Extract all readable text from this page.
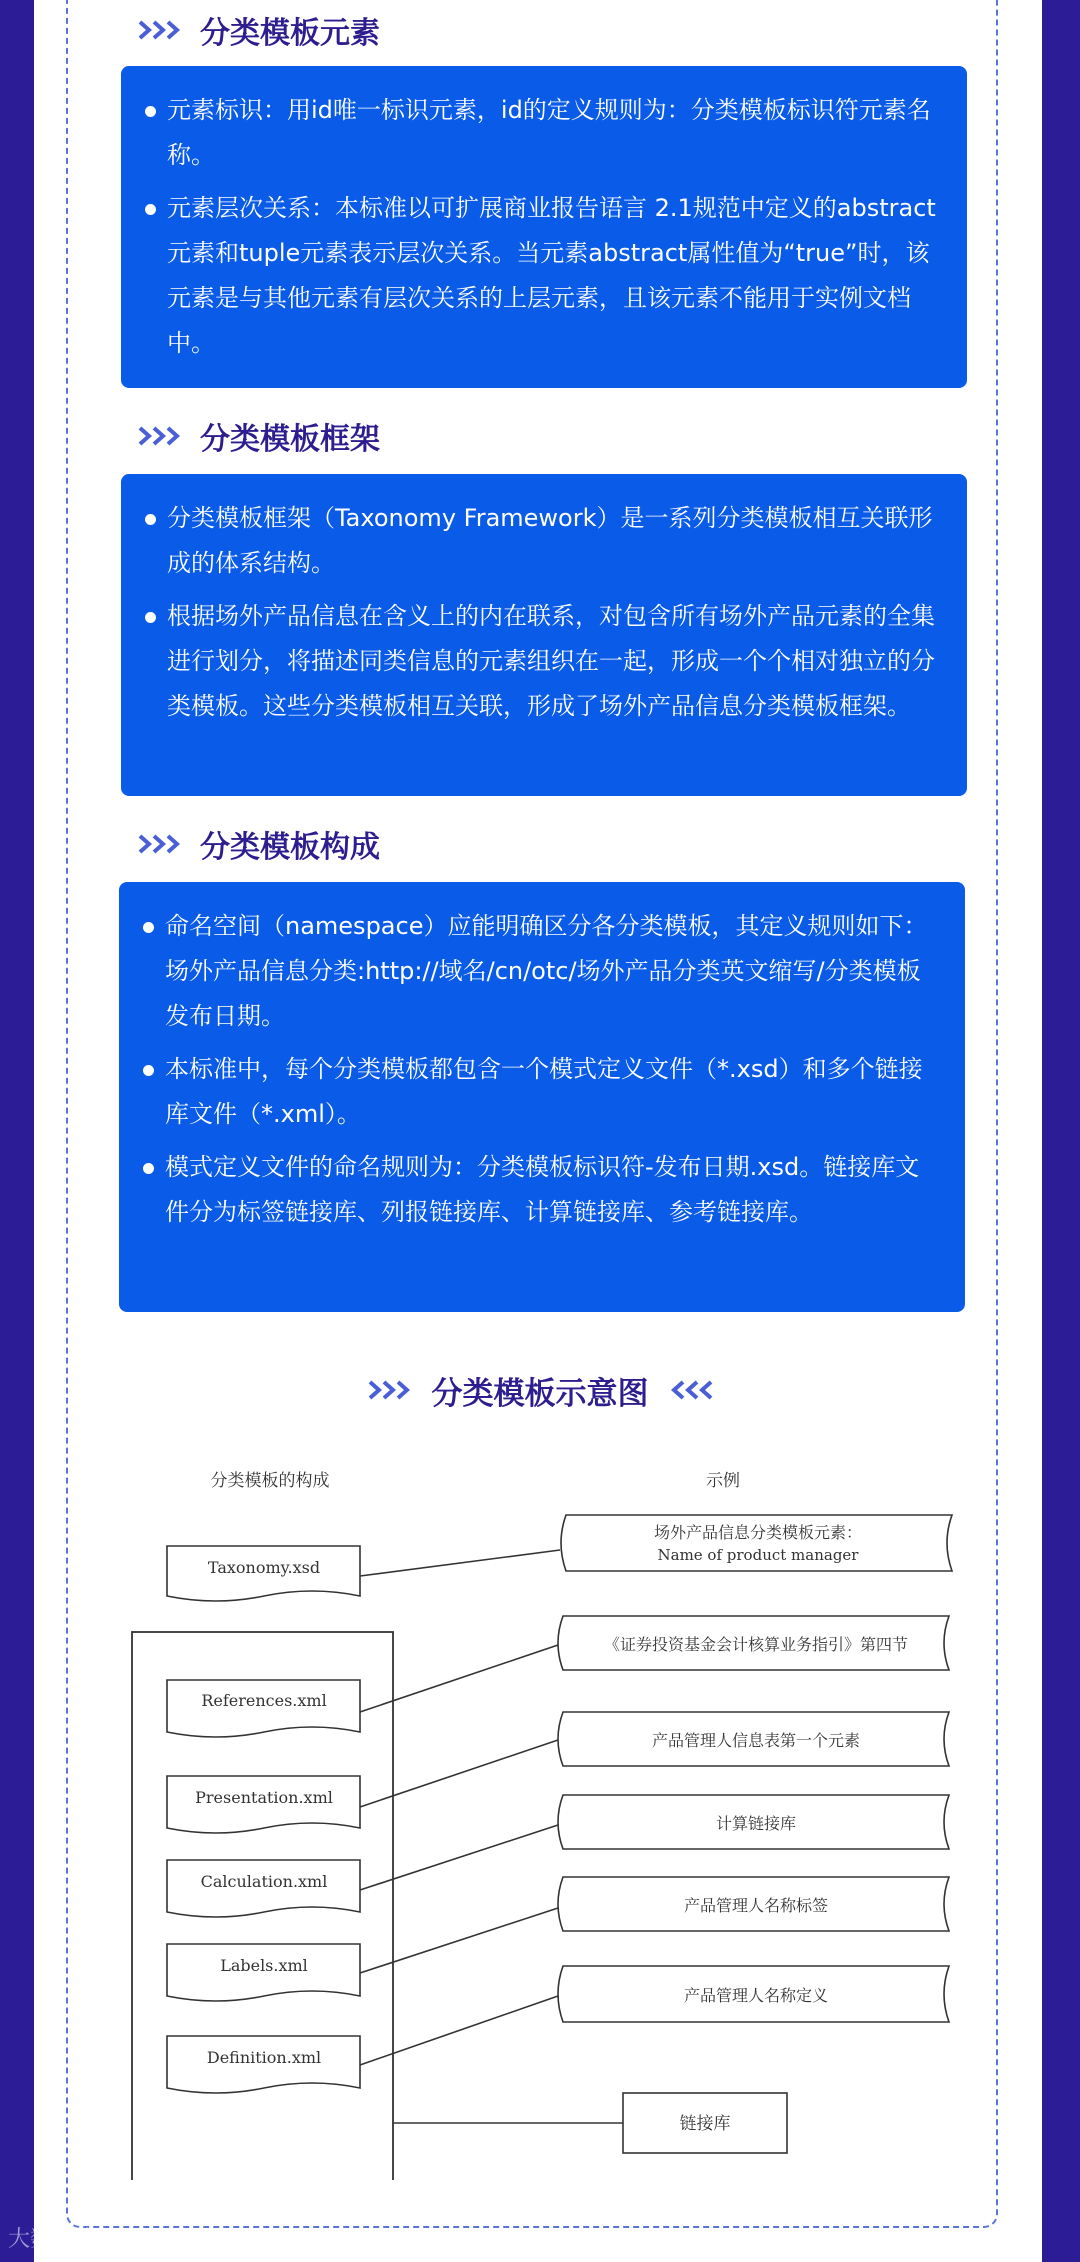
分类模板元素
元素标识：用id唯一标识元素，id的定义规则为：分类模板标识符元素名称。
元素层次关系：本标准以可扩展商业报告语言 2.1规范中定义的abstract元素和tuple元素表示层次关系。当元素abstract属性值为“true”时，该元素是与其他元素有层次关系的上层元素，且该元素不能用于实例文档中。
分类模板框架
分类模板框架（Taxonomy Framework）是一系列分类模板相互关联形成的体系结构。
根据场外产品信息在含义上的内在联系，对包含所有场外产品元素的全集进行划分，将描述同类信息的元素组织在一起，形成一个个相对独立的分类模板。这些分类模板相互关联，形成了场外产品信息分类模板框架。
分类模板构成
命名空间（namespace）应能明确区分各分类模板，其定义规则如下：场外产品信息分类:http://域名/cn/otc/场外产品分类英文缩写/分类模板发布日期。
本标准中，每个分类模板都包含一个模式定义文件（*.xsd）和多个链接库文件（*.xml）。
模式定义文件的命名规则为：分类模板标识符-发布日期.xsd。链接库文件分为标签链接库、列报链接库、计算链接库、参考链接库。
分类模板示意图
分类模板的构成	示例
Taxonomy.xsd
References.xml
Presentation.xml
Calculation.xml
Labels.xml
Definition.xml
场外产品信息分类模板元素：
Name of product manager
《证券投资基金会计核算业务指引》第四节
产品管理人信息表第一个元素
计算链接库
产品管理人名称标签
产品管理人名称定义
链接库
大数跨境
